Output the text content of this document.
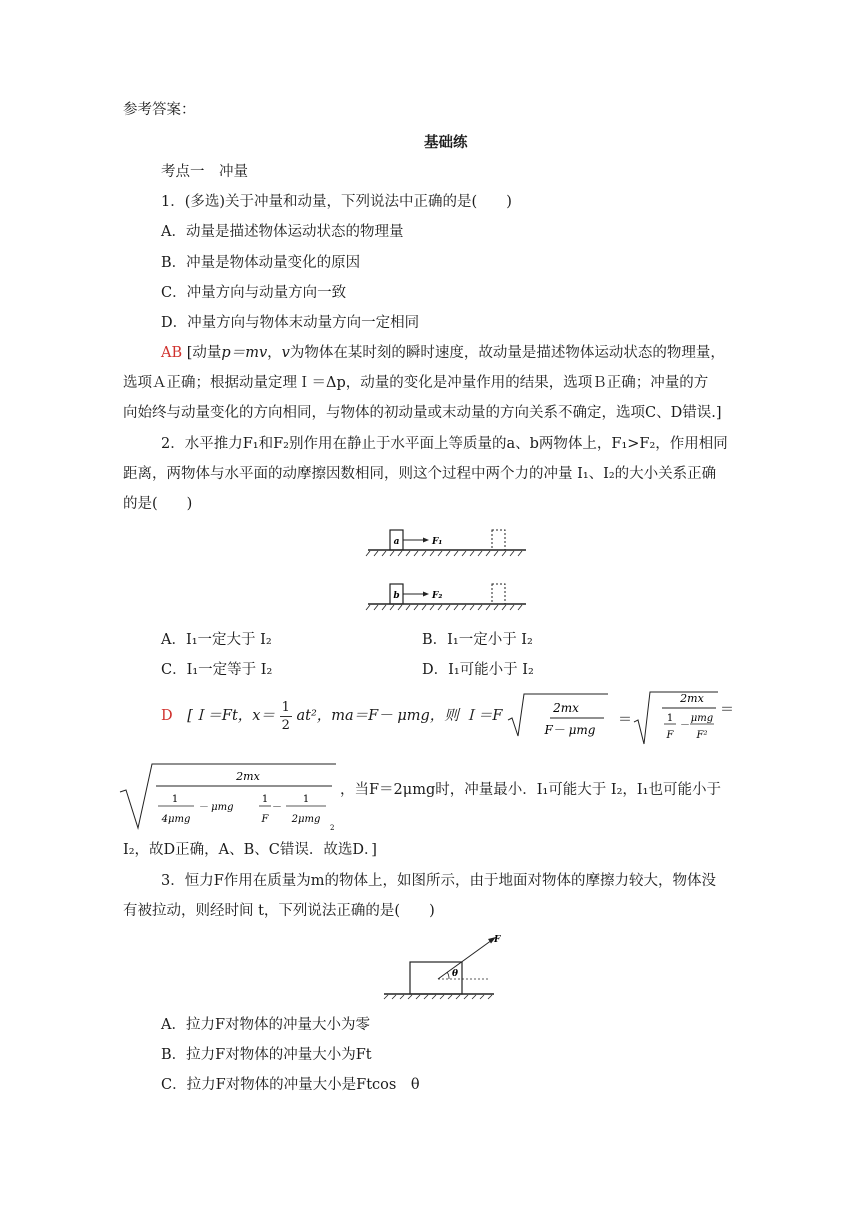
参考答案：
基础练
考点一　冲量
1．(多选)关于冲量和动量，下列说法中正确的是(　　)
A．动量是描述物体运动状态的物理量
B．冲量是物体动量变化的原因
C．冲量方向与动量方向一致
D．冲量方向与物体末动量方向一定相同
AB [动量p＝mv，v为物体在某时刻的瞬时速度，故动量是描述物体运动状态的物理量，
选项Ａ正确；根据动量定理Ｉ＝Δp，动量的变化是冲量作用的结果，选项Ｂ正确；冲量的方
向始终与动量变化的方向相同，与物体的初动量或末动量的方向关系不确定，选项C、D错误.]
2．水平推力F₁和F₂别作用在静止于水平面上等质量的a、b两物体上，F₁>F₂，作用相同
距离，两物体与水平面的动摩擦因数相同，则这个过程中两个力的冲量 I₁、I₂的大小关系正确
的是(　　)
a	F₁
b	F₂
A．I₁一定大于 I₂	B．I₁一定小于 I₂
C．I₁一定等于 I₂	D．I₁可能小于 I₂
D [Ｉ＝Ft，$x= \frac{1}{2} at^2$，ma＝F－ μmg，则 Ｉ＝F	2mx
F－ μmg
＝
2mx
1
F
－
μmg
F²
＝
2mx
1
4μmg
－ μmg
1
F
－
1
2μmg
2
，当F＝2μmg时，冲量最小．I₁可能大于 I₂，I₁也可能小于
I₂，故D正确，A、B、C错误．故选D．]
3．恒力F作用在质量为m的物体上，如图所示，由于地面对物体的摩擦力较大，物体没
有被拉动，则经时间 t，下列说法正确的是(　　)
θ
F
A．拉力F对物体的冲量大小为零
B．拉力F对物体的冲量大小为Ft
C．拉力F对物体的冲量大小是Ftcos　θ
